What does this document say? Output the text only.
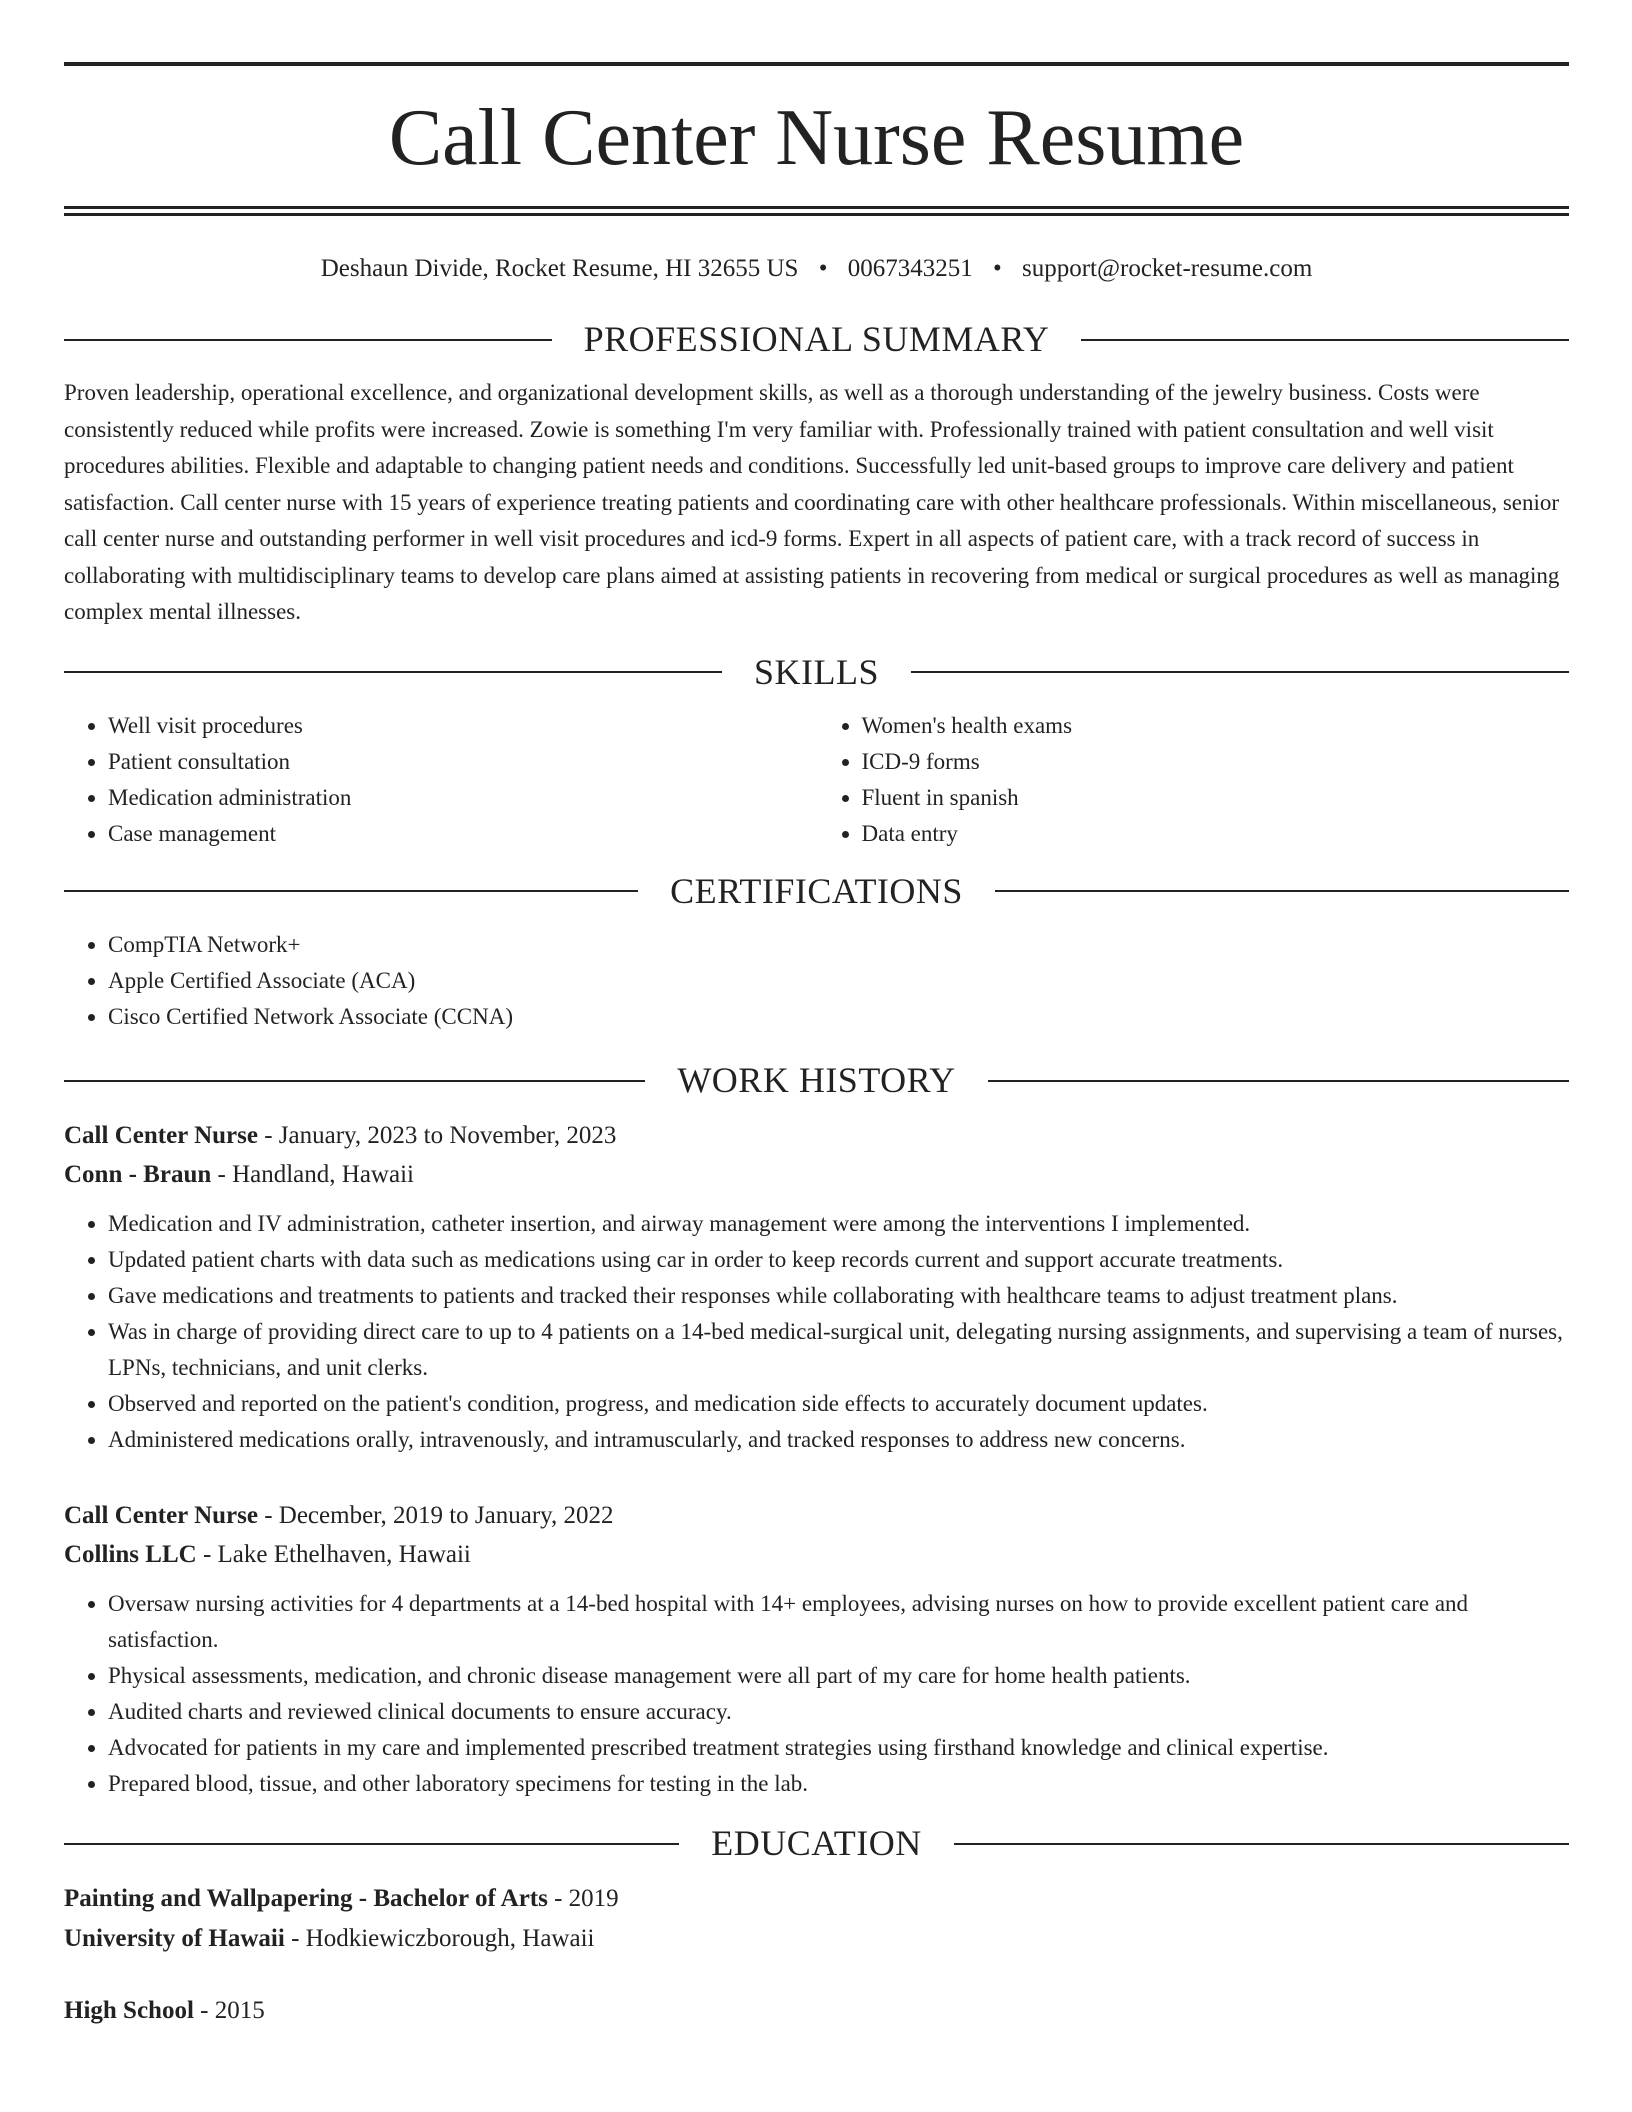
Call Center Nurse Resume
Deshaun Divide, Rocket Resume, HI 32655 US • 0067343251 • support@rocket-resume.com
PROFESSIONAL SUMMARY

Proven leadership, operational excellence, and organizational development skills, as well as a thorough understanding of the jewelry business. Costs were consistently reduced while profits were increased. Zowie is something I'm very familiar with. Professionally trained with patient consultation and well visit procedures abilities. Flexible and adaptable to changing patient needs and conditions. Successfully led unit-based groups to improve care delivery and patient satisfaction. Call center nurse with 15 years of experience treating patients and coordinating care with other healthcare professionals. Within miscellaneous, senior call center nurse and outstanding performer in well visit procedures and icd-9 forms. Expert in all aspects of patient care, with a track record of success in collaborating with multidisciplinary teams to develop care plans aimed at assisting patients in recovering from medical or surgical procedures as well as managing complex mental illnesses.

SKILLS
• Well visit procedures
• Patient consultation
• Medication administration
• Case management
• Women's health exams
• ICD-9 forms
• Fluent in spanish
• Data entry
CERTIFICATIONS
• CompTIA Network+
• Apple Certified Associate (ACA)
• Cisco Certified Network Associate (CCNA)
WORK HISTORY
Call Center Nurse - January, 2023 to November, 2023
Conn - Braun - Handland, Hawaii
• Medication and IV administration, catheter insertion, and airway management were among the interventions I implemented.
• Updated patient charts with data such as medications using car in order to keep records current and support accurate treatments.
• Gave medications and treatments to patients and tracked their responses while collaborating with healthcare teams to adjust treatment plans.
• Was in charge of providing direct care to up to 4 patients on a 14-bed medical-surgical unit, delegating nursing assignments, and supervising a team of nurses, LPNs, technicians, and unit clerks.
• Observed and reported on the patient's condition, progress, and medication side effects to accurately document updates.
• Administered medications orally, intravenously, and intramuscularly, and tracked responses to address new concerns.
Call Center Nurse - December, 2019 to January, 2022
Collins LLC - Lake Ethelhaven, Hawaii
• Oversaw nursing activities for 4 departments at a 14-bed hospital with 14+ employees, advising nurses on how to provide excellent patient care and satisfaction.
• Physical assessments, medication, and chronic disease management were all part of my care for home health patients.
• Audited charts and reviewed clinical documents to ensure accuracy.
• Advocated for patients in my care and implemented prescribed treatment strategies using firsthand knowledge and clinical expertise.
• Prepared blood, tissue, and other laboratory specimens for testing in the lab.
EDUCATION
Painting and Wallpapering - Bachelor of Arts - 2019
University of Hawaii - Hodkiewiczborough, Hawaii
High School - 2015
